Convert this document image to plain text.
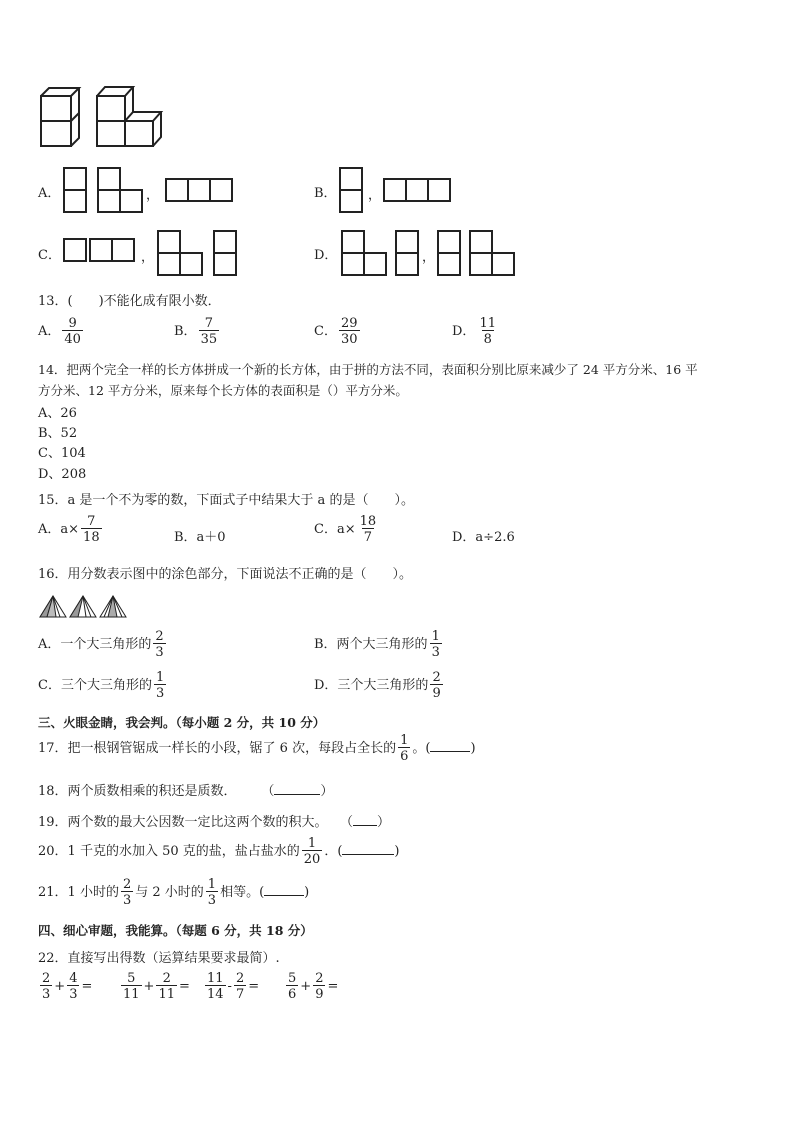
A．	，	B． ，
C．	，	D．	，
13．(　　)不能化成有限小数．
A． $\frac{9}{40}$	B． $\frac{7}{35}$	C． $\frac{29}{30}$	D． $\frac{11}{8}$
14．把两个完全一样的长方体拼成一个新的长方体，由于拼的方法不同，表面积分别比原来减少了 24 平方分米、16 平
方分米、12 平方分米，原来每个长方体的表面积是（）平方分米。
A、26
B、52
C、104
D、208
15．a 是一个不为零的数，下面式子中结果大于 a 的是（　　）。
A．$a\times \frac{7}{18}$	B．a＋0
C．$a\times \frac{18}{7}$	D．a÷2.6
16．用分数表示图中的涂色部分，下面说法不正确的是（　　）。
A．一个大三角形的 $\frac{2}{3}$	B．两个大三角形的 $\frac{1}{3}$
C．三个大三角形的 $\frac{1}{3}$	D．三个大三角形的 $\frac{2}{9}$
三、火眼金睛，我会判。（每小题 2 分，共 10 分）
17．把一根钢管锯成一样长的小段，锯了 6 次，每段占全长的 $\frac{1}{6}$ 。(	)
18．两个质数相乘的积还是质数． （	）
19．两个数的最大公因数一定比这两个数的积大。 （ ）
20．1 千克的水加入 50 克的盐，盐占盐水的 $\frac{1}{20}$ ．(	)
21．1 小时的 $\frac{2}{3}$ 与 2 小时的 $\frac{1}{3}$ 相等。(	)
四、细心审题，我能算。（每题 6 分，共 18 分）
22．直接写出得数（运算结果要求最简）.
$\frac{2}{3} + \frac{4}{3} = \frac{5}{11} + \frac{2}{11} = \frac{11}{14} - \frac{2}{7} = \frac{5}{6} + \frac{2}{9}$ =
